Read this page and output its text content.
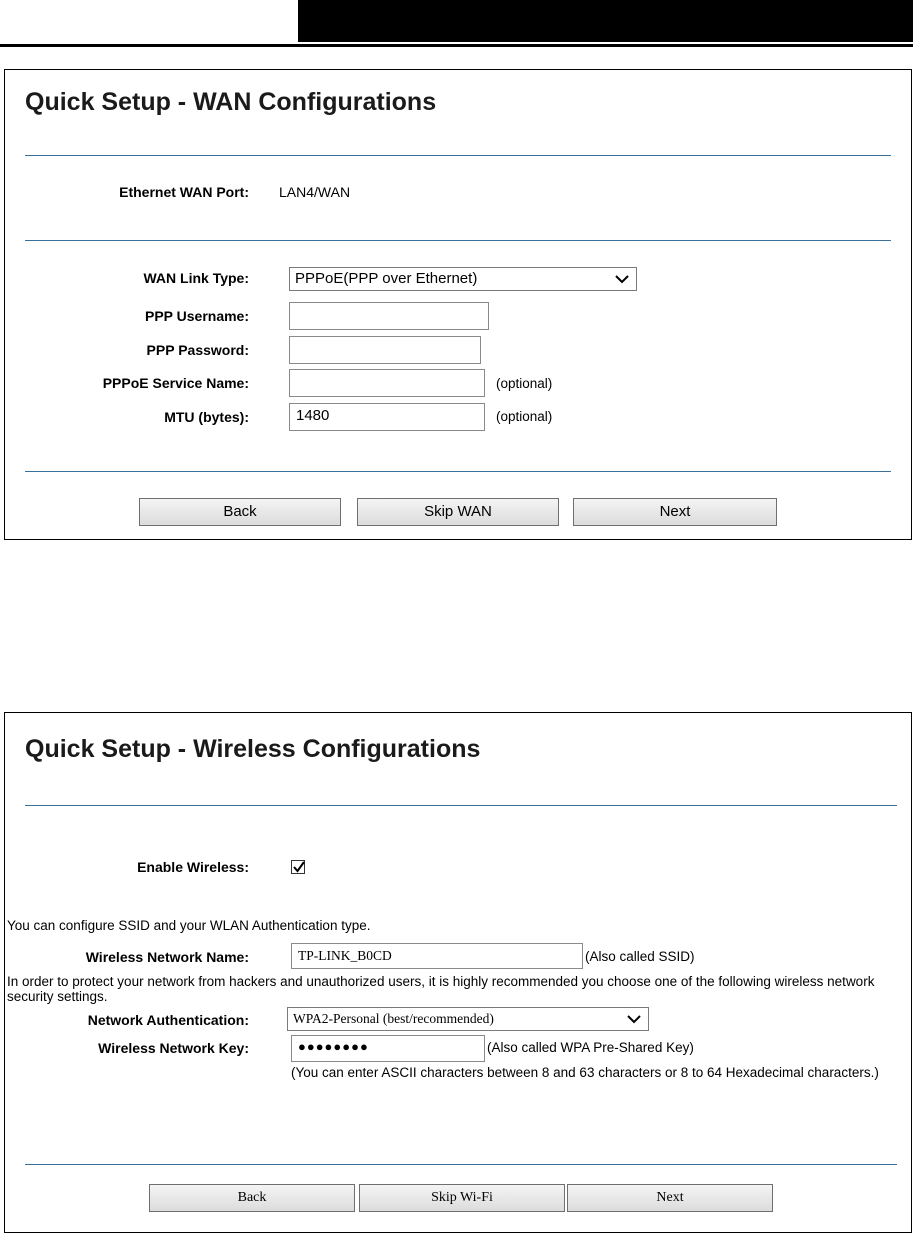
Quick Setup - WAN Configurations
Ethernet WAN Port: LAN4/WAN
WAN Link Type:	PPPoE(PPP over Ethernet)
PPP Username:
PPP Password:
PPPoE Service Name:	(optional)
MTU (bytes):	1480	(optional)
Back	Skip WAN	Next
Quick Setup - Wireless Configurations
Enable Wireless:
You can configure SSID and your WLAN Authentication type.
Wireless Network Name:	TP-LINK_B0CD	(Also called SSID)
In order to protect your network from hackers and unauthorized users, it is highly recommended you choose one of the following wireless network security settings.
Network Authentication:	WPA2-Personal (best/recommended)
Wireless Network Key:	●●●●●●●●	(Also called WPA Pre-Shared Key)
(You can enter ASCII characters between 8 and 63 characters or 8 to 64 Hexadecimal characters.)
Back	Skip Wi-Fi	Next
